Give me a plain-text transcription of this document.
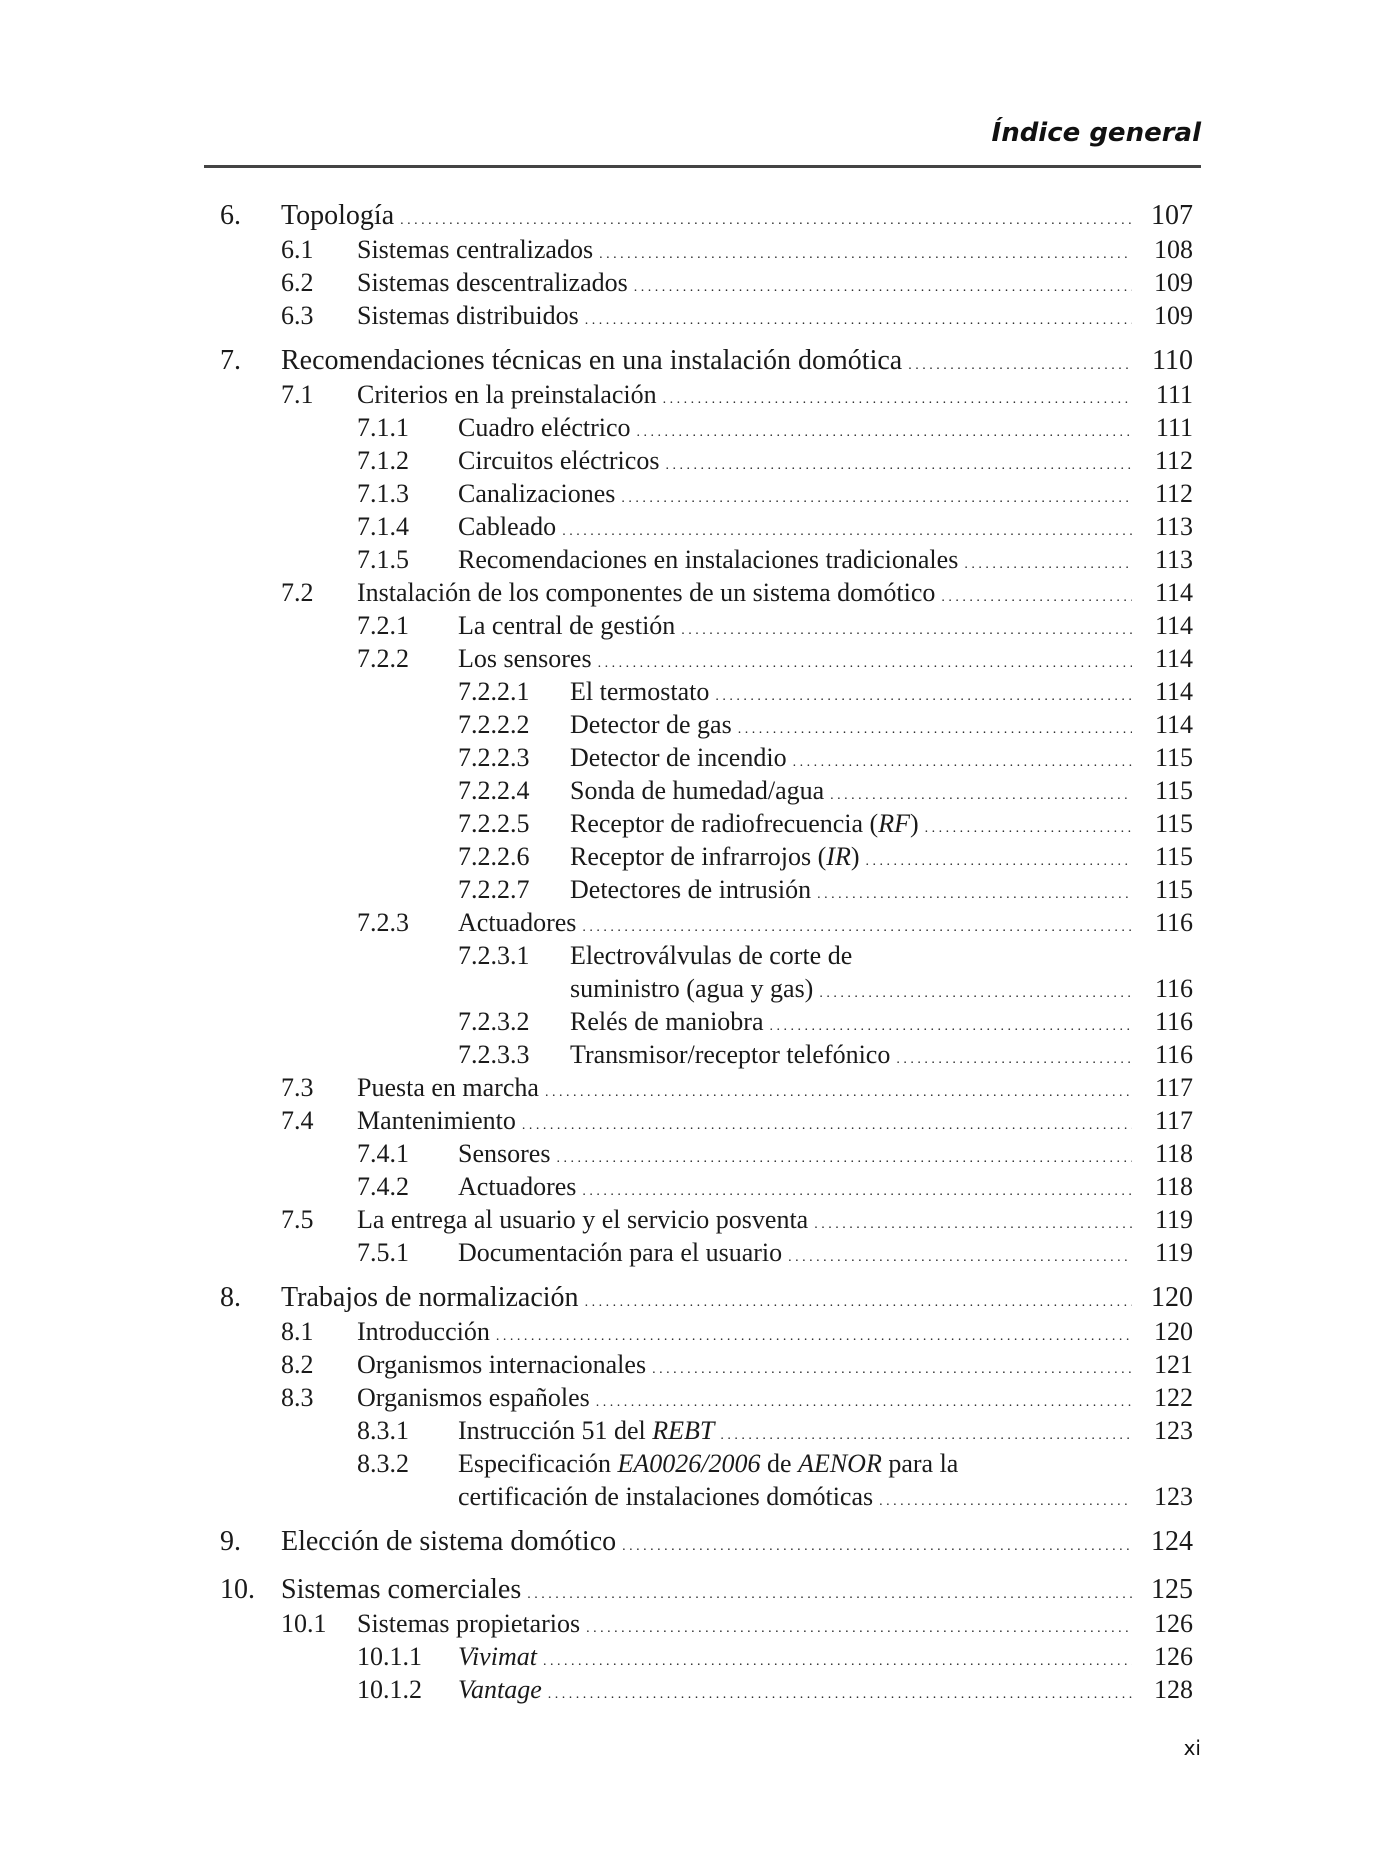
Índice general
6. Topología . . .	107
6.1 Sistemas centralizados . . .	108
6.2 Sistemas descentralizados . . .	109
6.3 Sistemas distribuidos . . .	109
7. Recomendaciones técnicas en una instalación domótica . . .	110
7.1 Criterios en la preinstalación . . .	111
7.1.1 Cuadro eléctrico . . .	111
7.1.2 Circuitos eléctricos . . .	112
7.1.3 Canalizaciones . . .	112
7.1.4 Cableado . . .	113
7.1.5 Recomendaciones en instalaciones tradicionales . . .	113
7.2 Instalación de los componentes de un sistema domótico . . .	114
7.2.1 La central de gestión . . .	114
7.2.2 Los sensores . . .	114
7.2.2.1 El termostato . . .	114
7.2.2.2 Detector de gas . . .	114
7.2.2.3 Detector de incendio . . .	115
7.2.2.4 Sonda de humedad/agua . . .	115
7.2.2.5 Receptor de radiofrecuencia (RF) . . .	115
7.2.2.6 Receptor de infrarrojos (IR) . . .	115
7.2.2.7 Detectores de intrusión . . .	115
7.2.3 Actuadores . . .	116
7.2.3.1 Electroválvulas de corte de
suministro (agua y gas) . . .	116
7.2.3.2 Relés de maniobra . . .	116
7.2.3.3 Transmisor/receptor telefónico . . .	116
7.3 Puesta en marcha . . .	117
7.4 Mantenimiento . . .	117
7.4.1 Sensores . . .	118
7.4.2 Actuadores . . .	118
7.5 La entrega al usuario y el servicio posventa . . .	119
7.5.1 Documentación para el usuario . . .	119
8. Trabajos de normalización . . .	120
8.1 Introducción . . .	120
8.2 Organismos internacionales . . .	121
8.3 Organismos españoles . . .	122
8.3.1 Instrucción 51 del REBT . . .	123
8.3.2 Especificación EA0026/2006 de AENOR para la
certificación de instalaciones domóticas . . .	123
9. Elección de sistema domótico . . .	124
10. Sistemas comerciales . . .	125
10.1 Sistemas propietarios . . .	126
10.1.1 Vivimat . . .	126
10.1.2 Vantage . . .	128
xi
